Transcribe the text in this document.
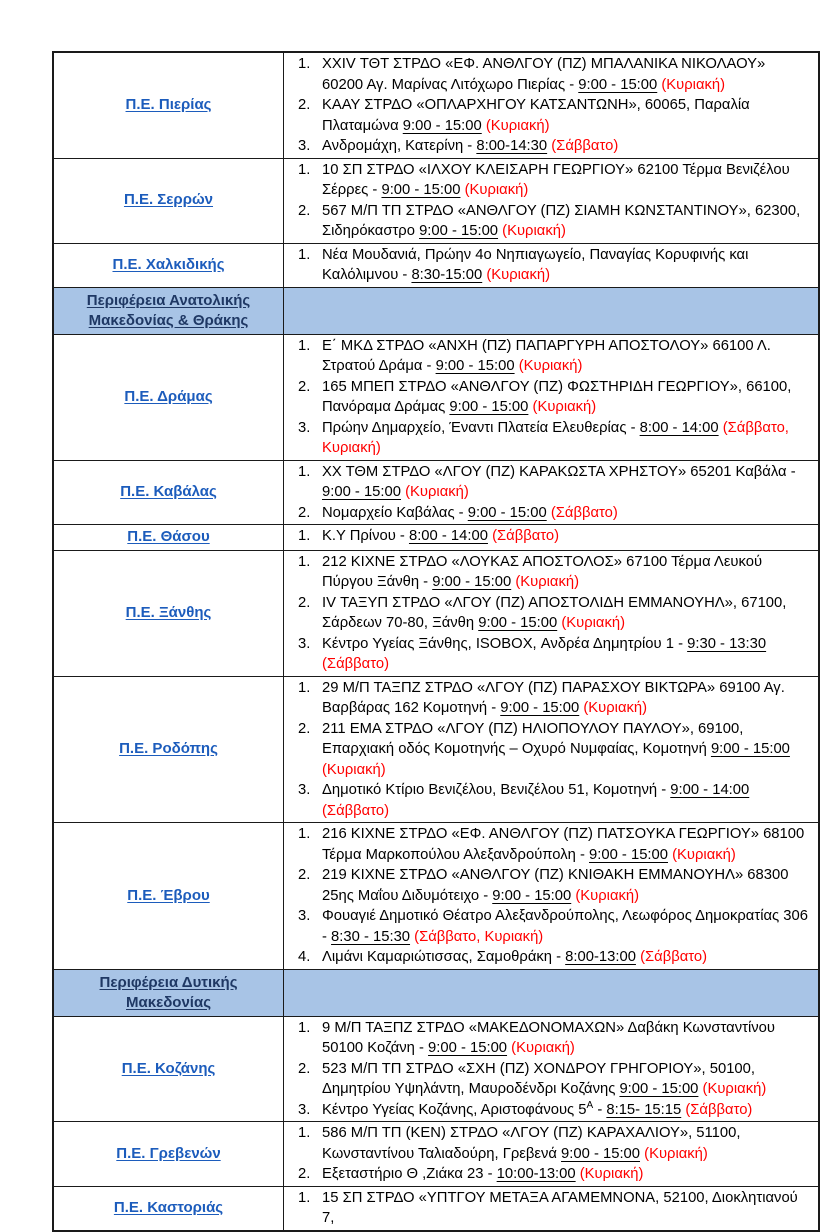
Π.Ε. Πιερίας	
1. XXIV ΤΘΤ ΣΤΡΔΟ «ΕΦ. ΑΝΘΛΓΟΥ (ΠΖ) ΜΠΑΛΑΝΙΚΑ ΝΙΚΟΛΑΟΥ» 60200 Αγ. Μαρίνας Λιτόχωρο Πιερίας - 9:00 - 15:00 (Κυριακή)
2. ΚΑΑΥ ΣΤΡΔΟ «ΟΠΛΑΡΧΗΓΟΥ ΚΑΤΣΑΝΤΩΝΗ», 60065, Παραλία Πλαταμώνα 9:00 - 15:00 (Κυριακή)
3. Ανδρομάχη, Κατερίνη - 8:00-14:30 (Σάββατο)

Π.Ε. Σερρών	1. 10 ΣΠ ΣΤΡΔΟ «ΙΛΧΟΥ ΚΛΕΙΣΑΡΗ ΓΕΩΡΓΙΟΥ» 62100 Τέρμα Βενιζέλου Σέρρες - 9:00 - 15:00 (Κυριακή)
2. 567 Μ/Π ΤΠ ΣΤΡΔΟ «ΑΝΘΛΓΟΥ (ΠΖ) ΣΙΑΜΗ ΚΩΝΣΤΑΝΤΙΝΟΥ», 62300, Σιδηρόκαστρο 9:00 - 15:00 (Κυριακή)

Π.Ε. Χαλκιδικής	1. Νέα Μουδανιά, Πρώην 4ο Νηπιαγωγείο, Παναγίας Κορυφινής και Καλόλιμνου - 8:30-15:00 (Κυριακή)

Περιφέρεια Ανατολικής Μακεδονίας & Θράκης	
Π.Ε. Δράμας	
1. Ε΄ ΜΚΔ ΣΤΡΔΟ «ΑΝΧΗ (ΠΖ) ΠΑΠΑΡΓΥΡΗ ΑΠΟΣΤΟΛΟΥ» 66100 Λ. Στρατού Δράμα - 9:00 - 15:00 (Κυριακή)
2. 165 ΜΠΕΠ ΣΤΡΔΟ «ΑΝΘΛΓΟΥ (ΠΖ) ΦΩΣΤΗΡΙΔΗ ΓΕΩΡΓΙΟΥ», 66100, Πανόραμα Δράμας 9:00 - 15:00 (Κυριακή)
3. Πρώην Δημαρχείο, Έναντι Πλατεία Ελευθερίας - 8:00 - 14:00 (Σάββατο, Κυριακή)

Π.Ε. Καβάλας	1. ΧΧ ΤΘΜ ΣΤΡΔΟ «ΛΓΟΥ (ΠΖ) ΚΑΡΑΚΩΣΤΑ ΧΡΗΣΤΟΥ» 65201 Καβάλα - 9:00 - 15:00 (Κυριακή)
2. Νομαρχείο Καβάλας - 9:00 - 15:00 (Σάββατο)

Π.Ε. Θάσου	1. Κ.Υ Πρίνου - 8:00 - 14:00 (Σάββατο)

Π.Ε. Ξάνθης	
1. 212 ΚΙΧΝΕ ΣΤΡΔΟ «ΛΟΥΚΑΣ ΑΠΟΣΤΟΛΟΣ» 67100 Τέρμα Λευκού Πύργου Ξάνθη - 9:00 - 15:00 (Κυριακή)
2. IV ΤΑΞΥΠ ΣΤΡΔΟ «ΛΓΟΥ (ΠΖ) ΑΠΟΣΤΟΛΙΔΗ ΕΜΜΑΝΟΥΗΛ», 67100, Σάρδεων 70-80, Ξάνθη 9:00 - 15:00 (Κυριακή)
3. Κέντρο Υγείας Ξάνθης, ISOBOX, Ανδρέα Δημητρίου 1 - 9:30 - 13:30 (Σάββατο)

Π.Ε. Ροδόπης	
1. 29 Μ/Π ΤΑΞΠΖ ΣΤΡΔΟ «ΛΓΟΥ (ΠΖ) ΠΑΡΑΣΧΟΥ ΒΙΚΤΩΡΑ» 69100 Αγ. Βαρβάρας 162 Κομοτηνή - 9:00 - 15:00 (Κυριακή)
2. 211 ΕΜΑ ΣΤΡΔΟ «ΛΓΟΥ (ΠΖ) ΗΛΙΟΠΟΥΛΟΥ ΠΑΥΛΟΥ», 69100, Επαρχιακή οδός Κομοτηνής – Οχυρό Νυμφαίας, Κομοτηνή 9:00 - 15:00 (Κυριακή)
3. Δημοτικό Κτίριο Βενιζέλου, Βενιζέλου 51, Κομοτηνή - 9:00 - 14:00 (Σάββατο)

Π.Ε. Έβρου	
1. 216 ΚΙΧΝΕ ΣΤΡΔΟ «ΕΦ. ΑΝΘΛΓΟΥ (ΠΖ) ΠΑΤΣΟΥΚΑ ΓΕΩΡΓΙΟΥ» 68100 Τέρμα Μαρκοπούλου Αλεξανδρούπολη - 9:00 - 15:00 (Κυριακή)
2. 219 ΚΙΧΝΕ ΣΤΡΔΟ «ΑΝΘΛΓΟΥ (ΠΖ) ΚΝΙΘΑΚΗ ΕΜΜΑΝΟΥΗΛ» 68300 25ης Μαΐου Διδυμότειχο - 9:00 - 15:00 (Κυριακή)
3. Φουαγιέ Δημοτικό Θέατρο Αλεξανδρούπολης, Λεωφόρος Δημοκρατίας 306 - 8:30 - 15:30 (Σάββατο, Κυριακή)
4. Λιμάνι Καμαριώτισσας, Σαμοθράκη - 8:00-13:00 (Σάββατο)

Περιφέρεια Δυτικής Μακεδονίας	
Π.Ε. Κοζάνης	
1. 9 Μ/Π ΤΑΞΠΖ ΣΤΡΔΟ «ΜΑΚΕΔΟΝΟΜΑΧΩΝ» Δαβάκη Κωνσταντίνου 50100 Κοζάνη - 9:00 - 15:00 (Κυριακή)
2. 523 Μ/Π ΤΠ ΣΤΡΔΟ «ΣΧΗ (ΠΖ) ΧΟΝΔΡΟΥ ΓΡΗΓΟΡΙΟΥ», 50100, Δημητρίου Υψηλάντη, Μαυροδένδρι Κοζάνης 9:00 - 15:00 (Κυριακή)
3. Κέντρο Υγείας Κοζάνης, Αριστοφάνους $5^A$ - 8:15- 15:15 (Σάββατο)

Π.Ε. Γρεβενών	1. 586 Μ/Π ΤΠ (ΚΕΝ) ΣΤΡΔΟ «ΛΓΟΥ (ΠΖ) ΚΑΡΑΧΑΛΙΟΥ», 51100, Κωνσταντίνου Ταλιαδούρη, Γρεβενά 9:00 - 15:00 (Κυριακή)
2. Εξεταστήριο Θ ,Ζιάκα 23 - 10:00-13:00 (Κυριακή)

Π.Ε. Καστοριάς	1. 15 ΣΠ ΣΤΡΔΟ «ΥΠΤΓΟΥ ΜΕΤΑΞΑ ΑΓΑΜΕΜΝΟΝΑ, 52100, Διοκλητιανού 7,
